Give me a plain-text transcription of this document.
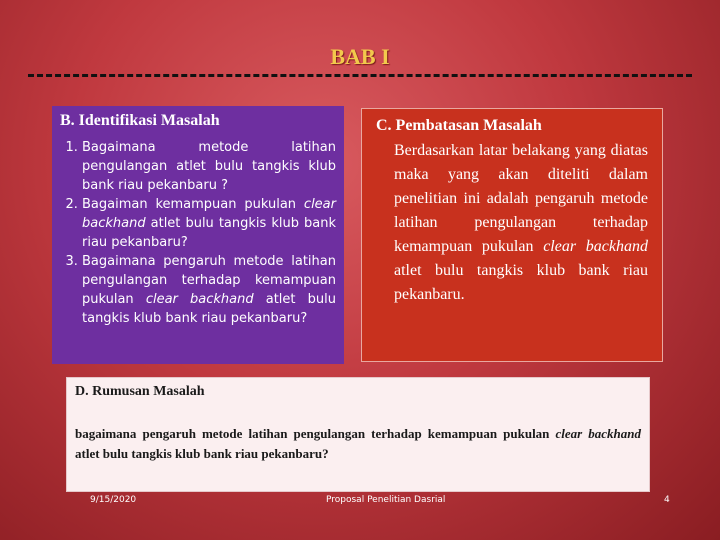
BAB I
B. Identifikasi Masalah
1. Bagaimana metode latihan pengulangan atlet bulu tangkis klub bank riau pekanbaru ?
2. Bagaiman kemampuan pukulan clear backhand atlet bulu tangkis klub bank riau pekanbaru?
3. Bagaimana pengaruh metode latihan pengulangan terhadap kemampuan pukulan clear backhand atlet bulu tangkis klub bank riau pekanbaru?
C. Pembatasan Masalah

Berdasarkan latar belakang yang diatas maka yang akan diteliti dalam penelitian ini adalah pengaruh metode latihan pengulangan terhadap kemampuan pukulan clear backhand atlet bulu tangkis klub bank riau pekanbaru.

D. Rumusan Masalah

bagaimana pengaruh metode latihan pengulangan terhadap kemampuan pukulan clear backhand atlet bulu tangkis klub bank riau pekanbaru?

9/15/2020	Proposal Penelitian Dasrial	4
